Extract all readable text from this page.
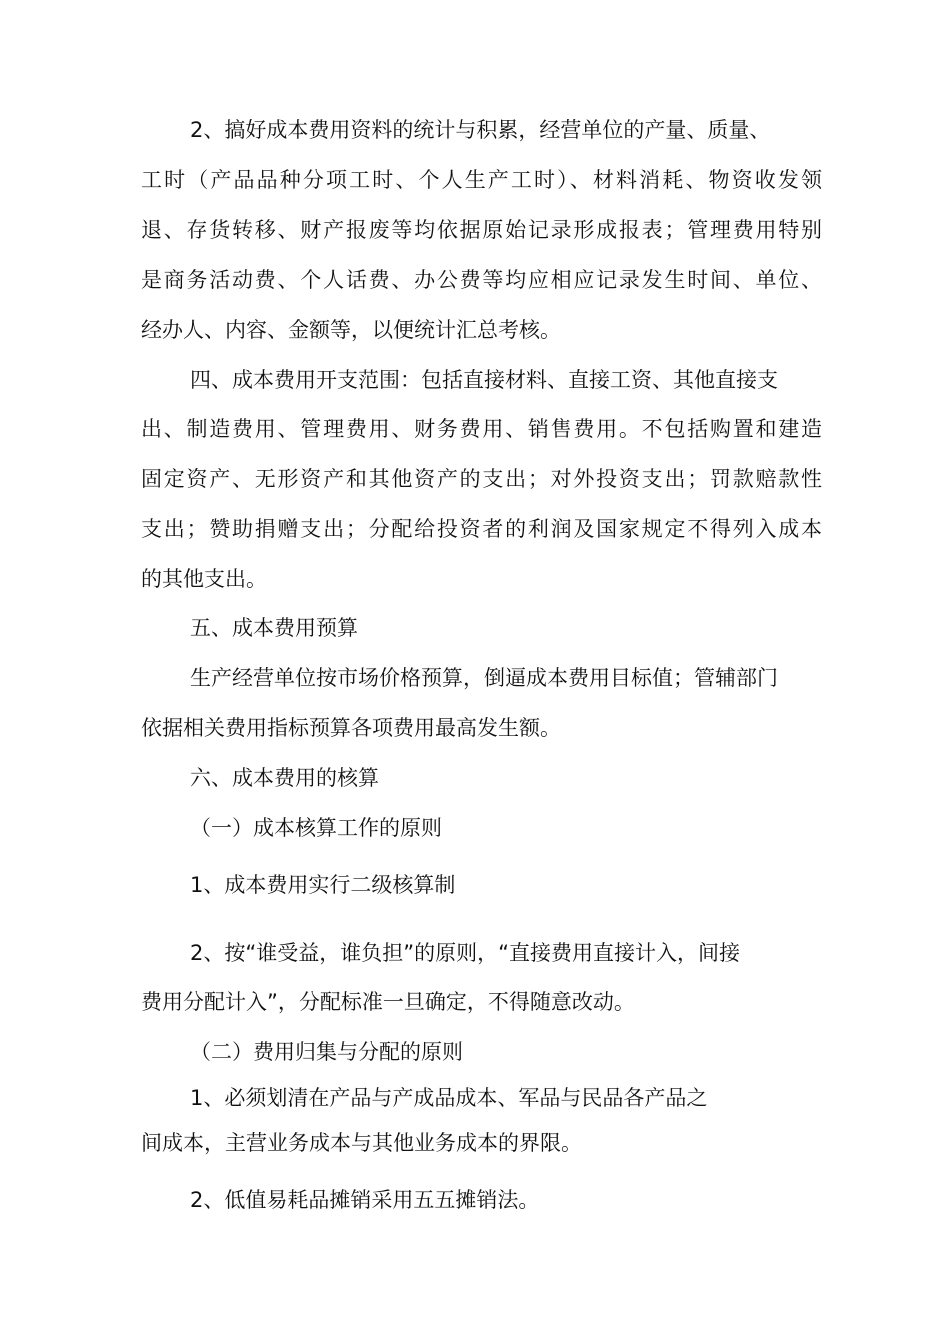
2、搞好成本费用资料的统计与积累，经营单位的产量、质量、

工时（产品品种分项工时、个人生产工时）、材料消耗、物资收发领

退、存货转移、财产报废等均依据原始记录形成报表；管理费用特别

是商务活动费、个人话费、办公费等均应相应记录发生时间、单位、

经办人、内容、金额等，以便统计汇总考核。

四、成本费用开支范围：包括直接材料、直接工资、其他直接支

出、制造费用、管理费用、财务费用、销售费用。不包括购置和建造

固定资产、无形资产和其他资产的支出；对外投资支出；罚款赔款性

支出；赞助捐赠支出；分配给投资者的利润及国家规定不得列入成本

的其他支出。

五、成本费用预算

生产经营单位按市场价格预算，倒逼成本费用目标值；管辅部门

依据相关费用指标预算各项费用最高发生额。

六、成本费用的核算

（一）成本核算工作的原则

1、成本费用实行二级核算制

2、按“谁受益，谁负担”的原则，“直接费用直接计入，间接

费用分配计入”，分配标准一旦确定，不得随意改动。

（二）费用归集与分配的原则

1、必须划清在产品与产成品成本、军品与民品各产品之

间成本，主营业务成本与其他业务成本的界限。

2、低值易耗品摊销采用五五摊销法。
